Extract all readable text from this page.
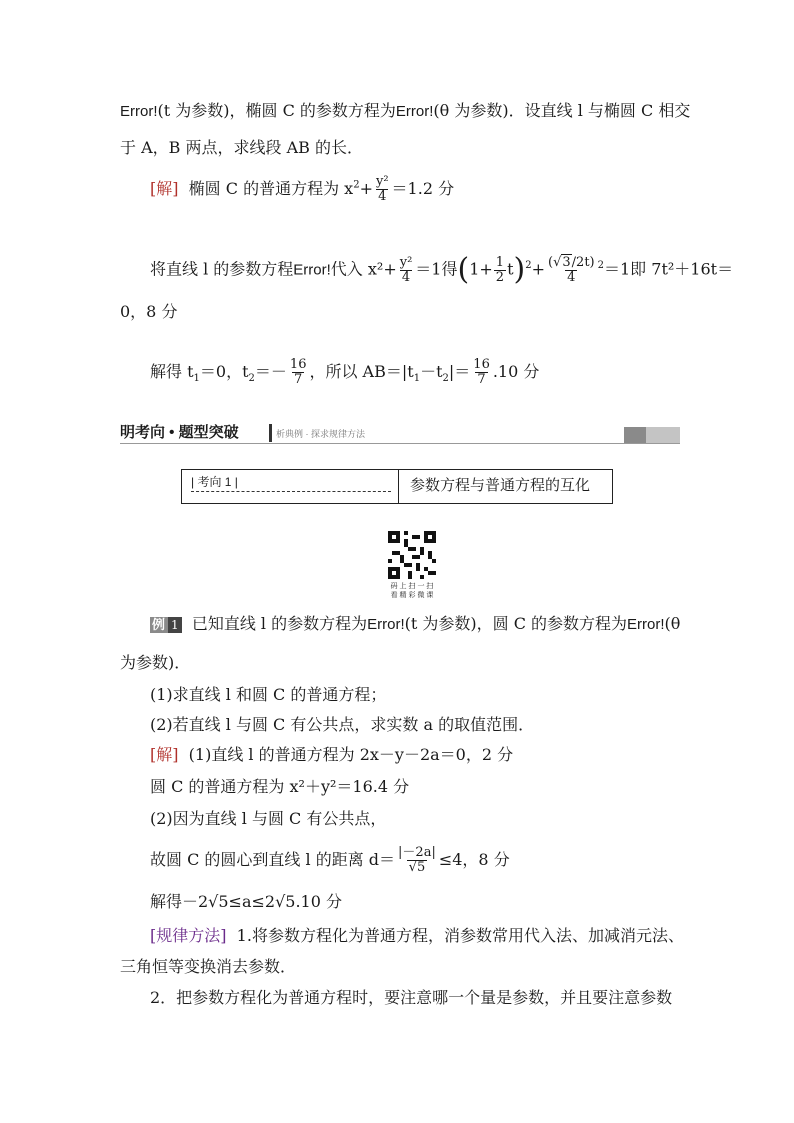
Error!(t 为参数)，椭圆 C 的参数方程为Error!(θ 为参数)．设直线 l 与椭圆 C 相交
于 A，B 两点，求线段 AB 的长．
[解] 椭圆 C 的普通方程为 $x^2+ \frac{\text{y²}}{4} =1.2$ 分
将直线 l 的参数方程Error!代入 $x^2+ \frac{\text{y²}}{4} =1$得$(1+ \frac{1}{2} t)^2+ \frac{(√3/2t)}{4} ^2=1$即 7t²＋16t＝
0，8 分
解得 $t_1=0$，$t_2=- \frac{16}{7}$ ，所以 $AB=|t_1-t_2|= \frac{16}{7} .10$ 分
明考向 • 题型突破	析典例 · 探求规律方法
| 考向 1 |	参数方程与普通方程的互化
码 上 扫 一 扫
看 精 彩 微 课
例 1 已知直线 l 的参数方程为Error!(t 为参数)，圆 C 的参数方程为Error!(θ
为参数)．
(1)求直线 l 和圆 C 的普通方程；
(2)若直线 l 与圆 C 有公共点，求实数 a 的取值范围．
[解] (1)直线 l 的普通方程为 2x－y－2a＝0，2 分
圆 C 的普通方程为 x²＋y²＝16.4 分
(2)因为直线 l 与圆 C 有公共点，
故圆 C 的圆心到直线 l 的距离 $d= \frac{|-2a|}{√5} \le 4$，8 分
解得－2√5≤a≤2√5.10 分
[规律方法] 1.将参数方程化为普通方程，消参数常用代入法、加减消元法、
三角恒等变换消去参数．
2．把参数方程化为普通方程时，要注意哪一个量是参数，并且要注意参数
